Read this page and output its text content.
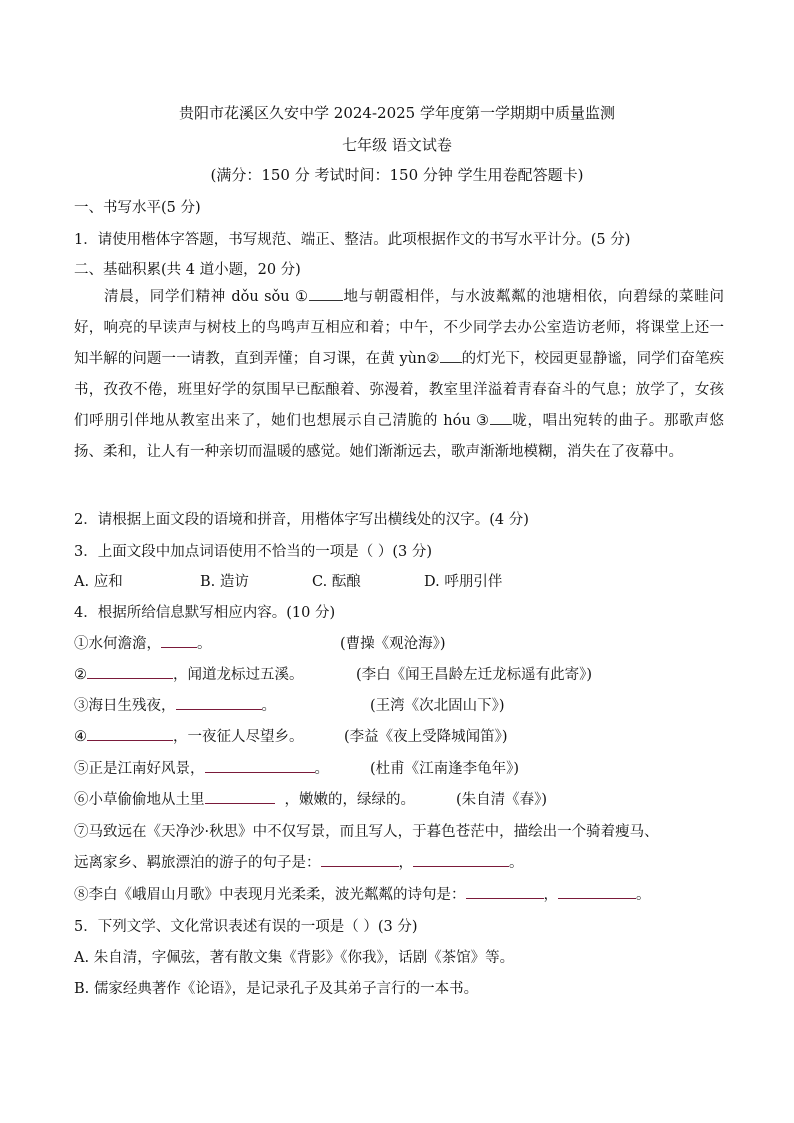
贵阳市花溪区久安中学 2024-2025 学年度第一学期期中质量监测
七年级 语文试卷
(满分：150 分 考试时间：150 分钟 学生用卷配答题卡)
一、书写水平(5 分)
1．请使用楷体字答题，书写规范、端正、整洁。此项根据作文的书写水平计分。(5 分)
二、基础积累(共 4 道小题，20 分)
清晨，同学们精神 dǒu sǒu ① 地与朝霞相伴，与水波粼粼的池塘相依，向碧绿的菜畦问好，响亮的早读声与树枝上的鸟鸣声互相应和着；中午，不少同学去办公室造访老师，将课堂上还一知半解的问题一一请教，直到弄懂；自习课，在黄 yùn② 的灯光下，校园更显静谧，同学们奋笔疾书，孜孜不倦，班里好学的氛围早已酝酿着、弥漫着，教室里洋溢着青春奋斗的气息；放学了，女孩们呼朋引伴地从教室出来了，她们也想展示自己清脆的 hóu ③ 咙，唱出宛转的曲子。那歌声悠扬、柔和，让人有一种亲切而温暖的感觉。她们渐渐远去，歌声渐渐地模糊，消失在了夜幕中。
2．请根据上面文段的语境和拼音，用楷体字写出横线处的汉字。(4 分)
3．上面文段中加点词语使用不恰当的一项是（ ）(3 分)
A. 应和	B. 造访	C. 酝酿	D. 呼朋引伴
4．根据所给信息默写相应内容。(10 分)
①水何澹澹， 。	(曹操《观沧海》)
②	，闻道龙标过五溪。	(李白《闻王昌龄左迁龙标遥有此寄》)
③海日生残夜，	。	(王湾《次北固山下》)
④	，一夜征人尽望乡。	(李益《夜上受降城闻笛》)
⑤正是江南好风景，	。	(杜甫《江南逢李龟年》)
⑥小草偷偷地从土里	，嫩嫩的，绿绿的。	(朱自清《春》)
⑦马致远在《天净沙·秋思》中不仅写景，而且写人，于暮色苍茫中，描绘出一个骑着瘦马、
远离家乡、羁旅漂泊的游子的句子是：	，	。
⑧李白《峨眉山月歌》中表现月光柔柔，波光粼粼的诗句是：	，	。
5．下列文学、文化常识表述有误的一项是（ ）(3 分)
A. 朱自清，字佩弦，著有散文集《背影》《你我》，话剧《茶馆》等。
B. 儒家经典著作《论语》，是记录孔子及其弟子言行的一本书。
